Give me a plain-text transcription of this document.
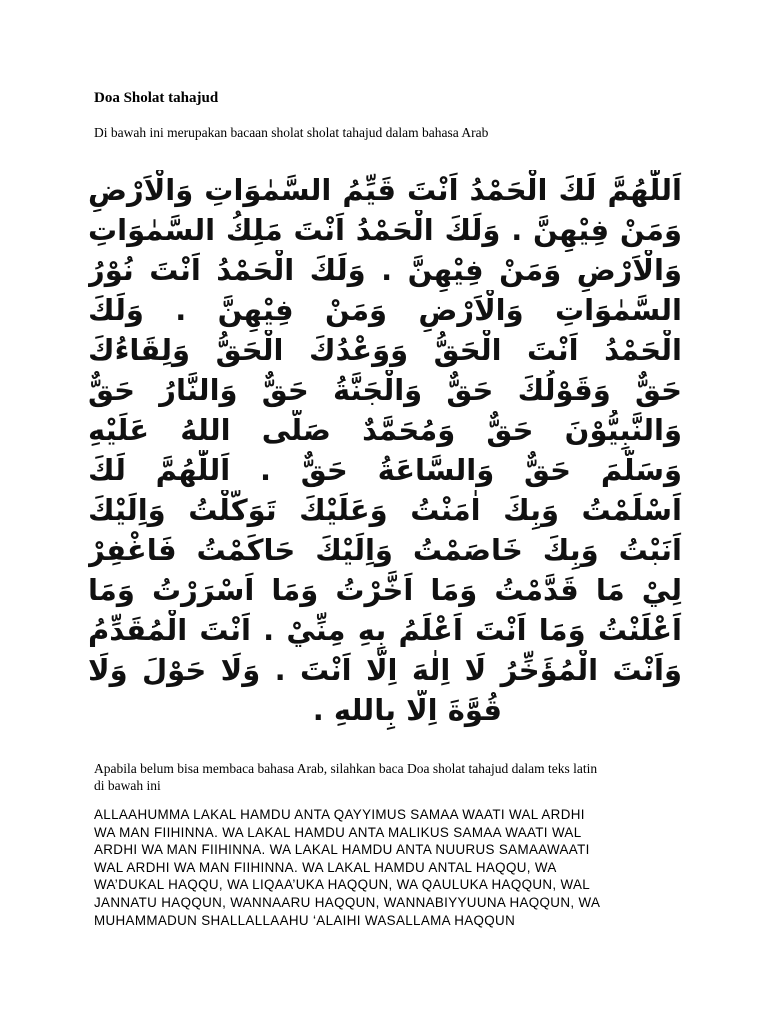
Doa Sholat tahajud
Di bawah ini merupakan bacaan sholat sholat tahajud dalam bahasa Arab
اَللّٰهُمَّ لَكَ الْحَمْدُ اَنْتَ قَيِّمُ السَّمٰوَاتِ وَالْاَرْضِ
وَمَنْ فِيْهِنَّ . وَلَكَ الْحَمْدُ اَنْتَ مَلِكُ السَّمٰوَاتِ
وَالْاَرْضِ وَمَنْ فِيْهِنَّ . وَلَكَ الْحَمْدُ اَنْتَ نُوْرُ
السَّمٰوَاتِ وَالْاَرْضِ وَمَنْ فِيْهِنَّ . وَلَكَ
الْحَمْدُ اَنْتَ الْحَقُّ وَوَعْدُكَ الْحَقُّ وَلِقَاءُكَ
حَقٌّ وَقَوْلُكَ حَقٌّ وَالْجَنَّةُ حَقٌّ وَالنَّارُ حَقٌّ
وَالنَّبِيُّوْنَ حَقٌّ وَمُحَمَّدٌ صَلَّى اللهُ عَلَيْهِ
وَسَلَّمَ حَقٌّ وَالسَّاعَةُ حَقٌّ . اَللّٰهُمَّ لَكَ
اَسْلَمْتُ وَبِكَ اٰمَنْتُ وَعَلَيْكَ تَوَكَّلْتُ وَاِلَيْكَ
اَنَبْتُ وَبِكَ خَاصَمْتُ وَاِلَيْكَ حَاكَمْتُ فَاغْفِرْ
لِيْ مَا قَدَّمْتُ وَمَا اَخَّرْتُ وَمَا اَسْرَرْتُ وَمَا
اَعْلَنْتُ وَمَا اَنْتَ اَعْلَمُ بِهِ مِنِّيْ . اَنْتَ الْمُقَدِّمُ
وَاَنْتَ الْمُؤَخِّرُ لَا اِلٰهَ اِلَّا اَنْتَ . وَلَا حَوْلَ وَلَا
قُوَّةَ اِلَّا بِاللهِ .
Apabila belum bisa membaca bahasa Arab, silahkan baca Doa sholat tahajud dalam teks latin
di bawah ini
ALLAAHUMMA LAKAL HAMDU ANTA QAYYIMUS SAMAA WAATI WAL ARDHI
WA MAN FIIHINNA. WA LAKAL HAMDU ANTA MALIKUS SAMAA WAATI WAL
ARDHI WA MAN FIIHINNA. WA LAKAL HAMDU ANTA NUURUS SAMAAWAATI
WAL ARDHI WA MAN FIIHINNA. WA LAKAL HAMDU ANTAL HAQQU, WA
WA’DUKAL HAQQU, WA LIQAA’UKA HAQQUN, WA QAULUKA HAQQUN, WAL
JANNATU HAQQUN, WANNAARU HAQQUN, WANNABIYYUUNA HAQQUN, WA
MUHAMMADUN SHALLALLAAHU ‘ALAIHI WASALLAMA HAQQUN
